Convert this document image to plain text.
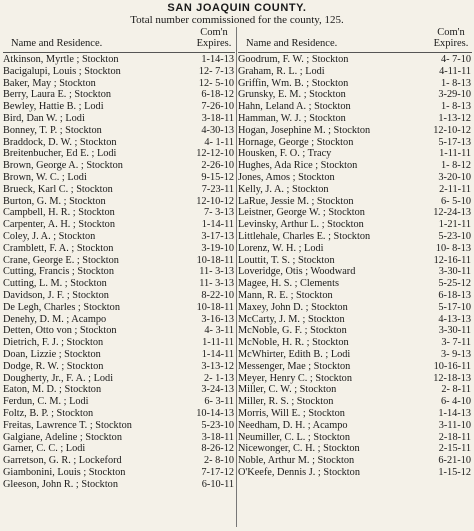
SAN JOAQUIN COUNTY.
Total number commissioned for the county, 125.
Name and Residence.
Com'n
Expires.
Atkinson, Myrtle ; Stockton	1-14-13
Bacigalupi, Louis ; Stockton	12- 7-13
Baker, May ; Stockton	12- 5-10
Berry, Laura E. ; Stockton	6-18-12
Bewley, Hattie B. ; Lodi	7-26-10
Bird, Dan W. ; Lodi	3-18-11
Bonney, T. P. ; Stockton	4-30-13
Braddock, D. W. ; Stockton	4- 1-11
Breitenbucher, Ed E. ; Lodi	12-12-10
Brown, George A. ; Stockton	2-26-10
Brown, W. C. ; Lodi	9-15-12
Brueck, Karl C. ; Stockton	7-23-11
Burton, G. M. ; Stockton	12-10-12
Campbell, H. R. ; Stockton	7- 3-13
Carpenter, A. H. ; Stockton	1-14-11
Coley, J. A. ; Stockton	3-17-13
Cramblett, F. A. ; Stockton	3-19-10
Crane, George E. ; Stockton	10-18-11
Cutting, Francis ; Stockton	11- 3-13
Cutting, L. M. ; Stockton	11- 3-13
Davidson, J. F. ; Stockton	8-22-10
De Legh, Charles ; Stockton	10-18-11
Denehy, D. M. ; Acampo	3-16-13
Detten, Otto von ; Stockton	4- 3-11
Dietrich, F. J. ; Stockton	1-11-11
Doan, Lizzie ; Stockton	1-14-11
Dodge, R. W. ; Stockton	3-13-12
Dougherty, Jr., F. A. ; Lodi	2- 1-13
Eaton, M. D. ; Stockton	3-24-13
Ferdun, C. M. ; Lodi	6- 3-11
Foltz, B. P. ; Stockton	10-14-13
Freitas, Lawrence T. ; Stockton	5-23-10
Galgiane, Adeline ; Stockton	3-18-11
Garner, C. C. ; Lodi	8-26-12
Garretson, G. R. ; Lockeford	2- 8-10
Giambonini, Louis ; Stockton	7-17-12
Gleeson, John R. ; Stockton	6-10-11
Name and Residence.
Com'n
Expires.
Goodrum, F. W. ; Stockton	4- 7-10
Graham, R. L. ; Lodi	4-11-11
Griffin, Wm. B. ; Stockton	1- 8-13
Grunsky, E. M. ; Stockton	3-29-10
Hahn, Leland A. ; Stockton	1- 8-13
Hamman, W. J. ; Stockton	1-13-12
Hogan, Josephine M. ; Stockton	12-10-12
Hornage, George ; Stockton	5-17-13
Housken, F. O. ; Tracy	1-11-11
Hughes, Ada Rice ; Stockton	1- 8-12
Jones, Amos ; Stockton	3-20-10
Kelly, J. A. ; Stockton	2-11-11
LaRue, Jessie M. ; Stockton	6- 5-10
Leistner, George W. ; Stockton	12-24-13
Levinsky, Arthur L. ; Stockton	1-21-11
Littlehale, Charles E. ; Stockton	5-23-10
Lorenz, W. H. ; Lodi	10- 8-13
Louttit, T. S. ; Stockton	12-16-11
Loveridge, Otis ; Woodward	3-30-11
Magee, H. S. ; Clements	5-25-12
Mann, R. E. ; Stockton	6-18-13
Maxey, John D. ; Stockton	5-17-10
McCarty, J. M. ; Stockton	4-13-13
McNoble, G. F. ; Stockton	3-30-11
McNoble, H. R. ; Stockton	3- 7-11
McWhirter, Edith B. ; Lodi	3- 9-13
Messenger, Mae ; Stockton	10-16-11
Meyer, Henry C. ; Stockton	12-18-13
Miller, C. W. ; Stockton	2- 8-11
Miller, R. S. ; Stockton	6- 4-10
Morris, Will E. ; Stockton	1-14-13
Needham, D. H. ; Acampo	3-11-10
Neumiller, C. L. ; Stockton	2-18-11
Nicewonger, C. H. ; Stockton	2-15-11
Noble, Arthur M. ; Stockton	6-21-10
O'Keefe, Dennis J. ; Stockton	1-15-12
